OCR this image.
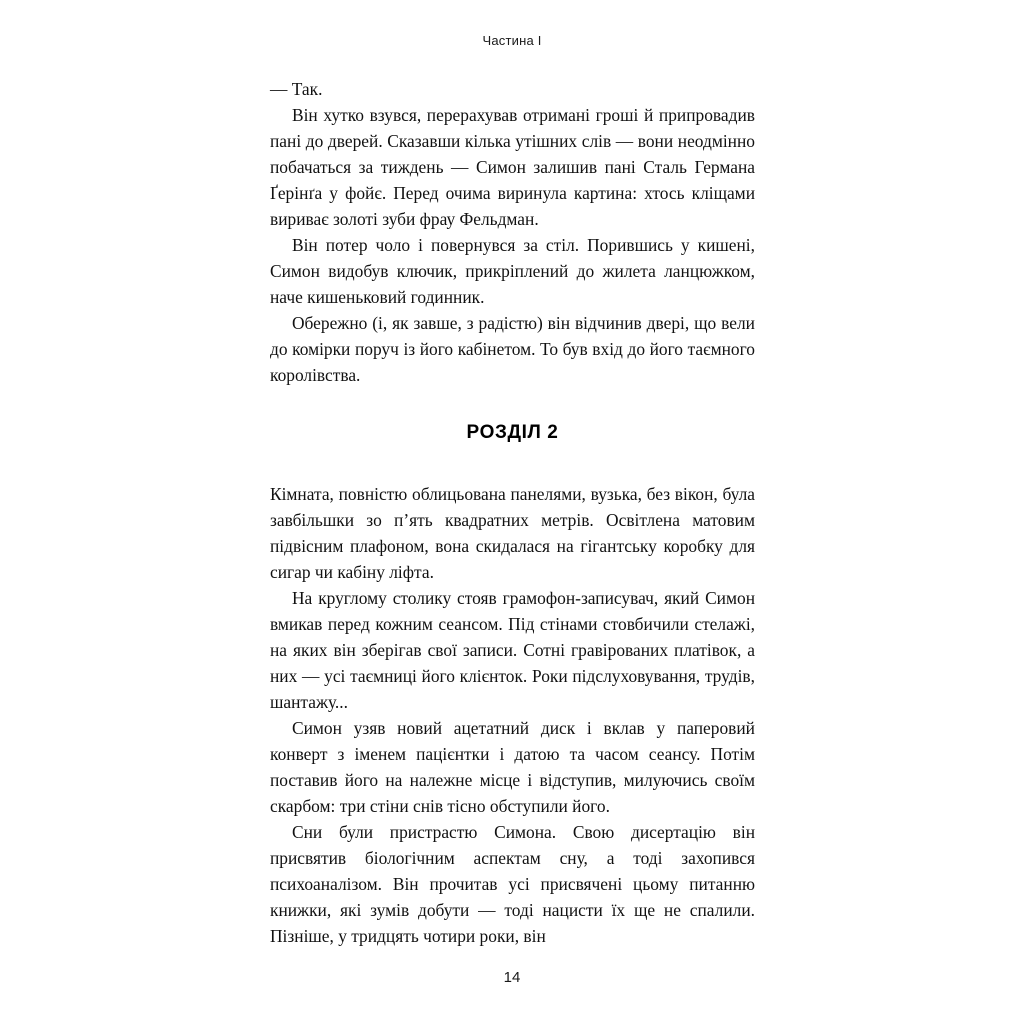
Частина I

— Так.

Він хутко взувся, перерахував отримані гроші й припровадив пані до дверей. Сказавши кілька утішних слів — вони неодмінно побачаться за тиждень — Симон залишив пані Сталь Германа Ґерінґа у фойє. Перед очима виринула картина: хтось кліщами вириває золоті зуби фрау Фельдман.

Він потер чоло і повернувся за стіл. Порившись у кишені, Симон видобув ключик, прикріплений до жилета ланцюжком, наче кишеньковий годинник.

Обережно (і, як завше, з радістю) він відчинив двері, що вели до комірки поруч із його кабінетом. То був вхід до його таємного королівства.

РОЗДІЛ 2

Кімната, повністю облицьована панелями, вузька, без вікон, була завбільшки зо п’ять квадратних метрів. Освітлена матовим підвісним плафоном, вона скидалася на гігантську коробку для сигар чи кабіну ліфта.

На круглому столику стояв грамофон-записувач, який Симон вмикав перед кожним сеансом. Під стінами стовбичили стелажі, на яких він зберігав свої записи. Сотні гравірованих платівок, а них — усі таємниці його клієнток. Роки підслуховування, трудів, шантажу...

Симон узяв новий ацетатний диск і вклав у паперовий конверт з іменем пацієнтки і датою та часом сеансу. Потім поставив його на належне місце і відступив, милуючись своїм скарбом: три стіни снів тісно обступили його.

Сни були пристрастю Симона. Свою дисертацію він присвятив біологічним аспектам сну, а тоді захопився психоаналізом. Він прочитав усі присвячені цьому питанню книжки, які зумів добути — тоді нацисти їх ще не спалили. Пізніше, у тридцять чотири роки, він

14
